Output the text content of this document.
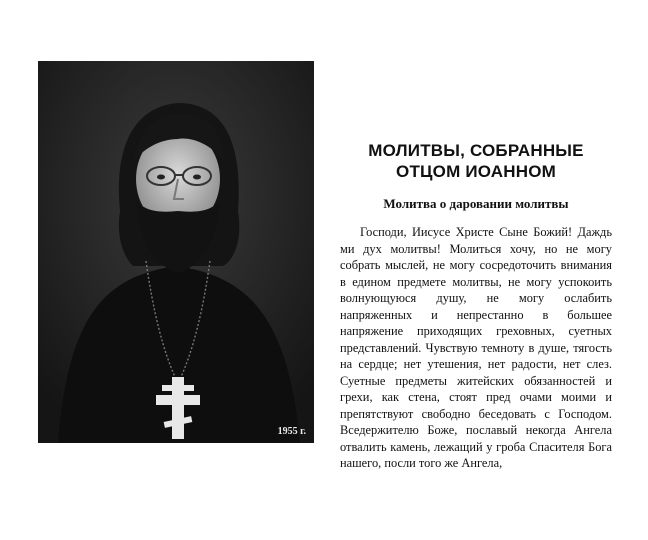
1955 г.
МОЛИТВЫ, СОБРАННЫЕ
ОТЦОМ ИОАННОМ
Молитва о даровании молитвы

Господи, Иисусе Христе Сыне Божий! Даждь ми дух молитвы! Молиться хочу, но не могу собрать мыслей, не могу сосредоточить внимания в едином предмете молитвы, не могу успокоить волнующуюся душу, не могу ослабить напряженных и непрестанно в большее напряжение приходящих греховных, суетных представлений. Чувствую темноту в душе, тягость на сердце; нет утешения, нет радости, нет слез. Суетные предметы житейских обязанностей и грехи, как стена, стоят пред очами моими и препятствуют свободно беседовать с Господом. Вседержителю Боже, пославый некогда Ангела отвалить камень, лежащий у гроба Спасителя Бога нашего, посли того же Ангела,
